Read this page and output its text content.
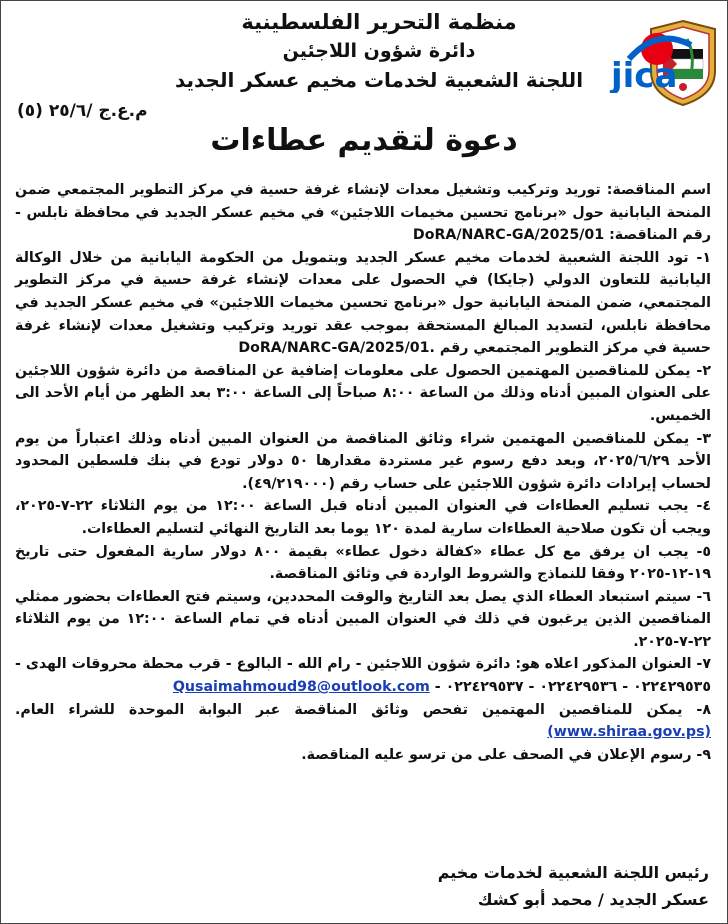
منظمة التحرير الفلسطينية
دائرة شؤون اللاجئين
اللجنة الشعبية لخدمات مخيم عسكر الجديد jica
م.ع.ج /٢٥/٦ (٥)
دعوة لتقديم عطاءات

اسم المناقصة: توريد وتركيب وتشغيل معدات لإنشاء غرفة حسية في مركز التطوير المجتمعي ضمن المنحة اليابانية حول «برنامج تحسين مخيمات اللاجئين» في مخيم عسكر الجديد في محافظة نابلس - رقم المناقصة: DoRA/NARC-GA/2025/01

١- تود اللجنة الشعبية لخدمات مخيم عسكر الجديد وبتمويل من الحكومة اليابانية من خلال الوكالة اليابانية للتعاون الدولي (جايكا) في الحصول على معدات لإنشاء غرفة حسية في مركز التطوير المجتمعي، ضمن المنحة اليابانية حول «برنامج تحسين مخيمات اللاجئين» في مخيم عسكر الجديد في محافظة نابلس، لتسديد المبالغ المستحقة بموجب عقد توريد وتركيب وتشغيل معدات لإنشاء غرفة حسية في مركز التطوير المجتمعي رقم DoRA/NARC-GA/2025/01.

٢- يمكن للمناقصين المهتمين الحصول على معلومات إضافية عن المناقصة من دائرة شؤون اللاجئين على العنوان المبين أدناه وذلك من الساعة ٨:٠٠ صباحاً إلى الساعة ٣:٠٠ بعد الظهر من أيام الأحد الى الخميس.

٣- يمكن للمناقصين المهتمين شراء وثائق المناقصة من العنوان المبين أدناه وذلك اعتباراً من يوم الأحد ٢٠٢٥/٦/٢٩، وبعد دفع رسوم غير مستردة مقدارها ٥٠ دولار تودع في بنك فلسطين المحدود لحساب إيرادات دائرة شؤون اللاجئين على حساب رقم (٤٩/٢١٩٠٠٠).

٤- يجب تسليم العطاءات في العنوان المبين أدناه قبل الساعة ١٢:٠٠ من يوم الثلاثاء ٢٢-٧-٢٠٢٥، ويجب أن تكون صلاحية العطاءات سارية لمدة ١٢٠ يوما بعد التاريخ النهائي لتسليم العطاءات.

٥- يجب ان يرفق مع كل عطاء «كفالة دخول عطاء» بقيمة ٨٠٠ دولار سارية المفعول حتى تاريخ ١٩-١٢-٢٠٢٥ وفقا للنماذج والشروط الواردة في وثائق المناقصة.

٦- سيتم استبعاد العطاء الذي يصل بعد التاريخ والوقت المحددين، وسيتم فتح العطاءات بحضور ممثلي المناقصين الذين يرغبون في ذلك في العنوان المبين أدناه في تمام الساعة ١٢:٠٠ من يوم الثلاثاء ٢٢-٧-٢٠٢٥.

٧- العنوان المذكور اعلاه هو: دائرة شؤون اللاجئين - رام الله - البالوع - قرب محطة محروقات الهدى - ٠٢٢٤٢٩٥٣٥ - ٠٢٢٤٢٩٥٣٦ - ٠٢٢٤٢٩٥٣٧ - Qusaimahmoud98@outlook.com

٨- يمكن للمناقصين المهتمين تفحص وثائق المناقصة عبر البوابة الموحدة للشراء العام. (www.shiraa.gov.ps)

٩- رسوم الإعلان في الصحف على من ترسو عليه المناقصة.

رئيس اللجنة الشعبية لخدمات مخيم
عسكر الجديد / محمد أبو كشك
